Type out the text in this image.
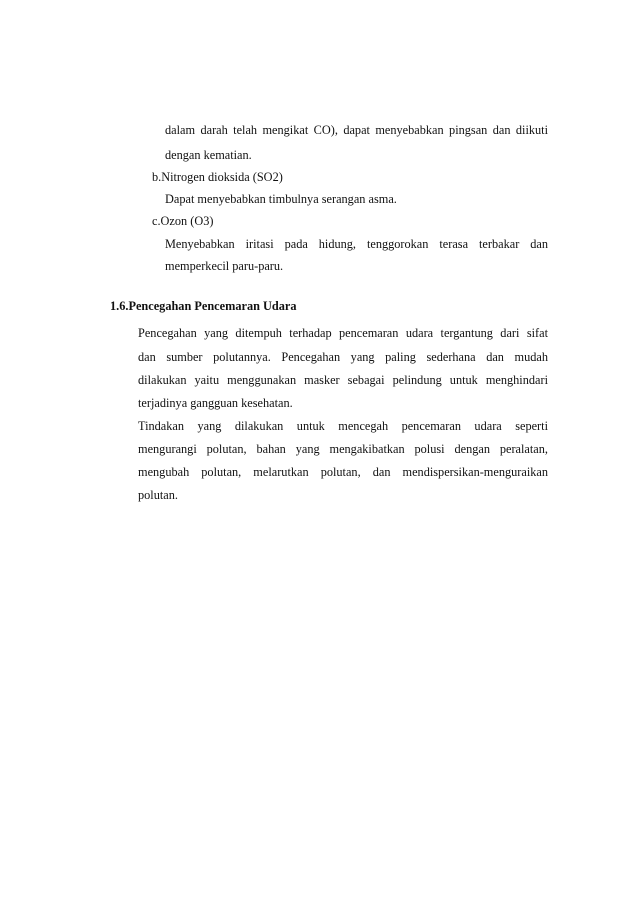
dalam darah telah mengikat CO), dapat menyebabkan pingsan dan diikuti
dengan kematian.
b.Nitrogen dioksida (SO2)
Dapat menyebabkan timbulnya serangan asma.
c.Ozon (O3)
Menyebabkan iritasi pada hidung, tenggorokan terasa terbakar dan
memperkecil paru-paru.
1.6.Pencegahan Pencemaran Udara
Pencegahan yang ditempuh terhadap pencemaran udara tergantung dari sifat
dan sumber polutannya. Pencegahan yang paling sederhana dan mudah
dilakukan yaitu menggunakan masker sebagai pelindung untuk menghindari
terjadinya gangguan kesehatan.
Tindakan yang dilakukan untuk mencegah pencemaran udara seperti
mengurangi polutan, bahan yang mengakibatkan polusi dengan peralatan,
mengubah polutan, melarutkan polutan, dan mendispersikan-menguraikan
polutan.
